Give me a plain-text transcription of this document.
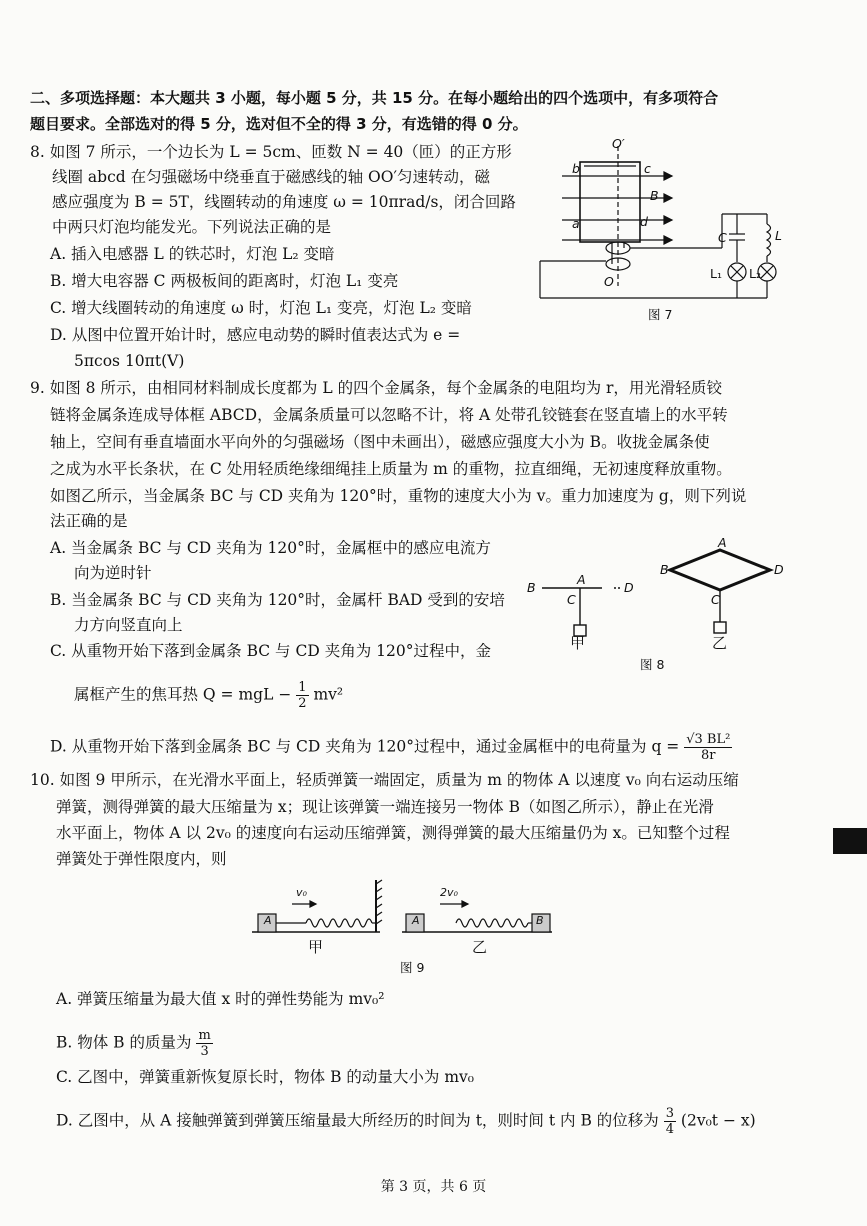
二、多项选择题：本大题共 3 小题，每小题 5 分，共 15 分。在每小题给出的四个选项中，有多项符合
题目要求。全部选对的得 5 分，选对但不全的得 3 分，有选错的得 0 分。
8. 如图 7 所示，一个边长为 L = 5cm、匝数 N = 40（匝）的正方形
线圈 abcd 在匀强磁场中绕垂直于磁感线的轴 OO′匀速转动，磁
感应强度为 B = 5T，线圈转动的角速度 ω = 10πrad/s，闭合回路
中两只灯泡均能发光。下列说法正确的是
A. 插入电感器 L 的铁芯时，灯泡 L₂ 变暗
B. 增大电容器 C 两极板间的距离时，灯泡 L₁ 变亮
C. 增大线圈转动的角速度 ω 时，灯泡 L₁ 变亮，灯泡 L₂ 变暗
D. 从图中位置开始计时，感应电动势的瞬时值表达式为 e =
5πcos 10πt(V)
O′
b	c
B
a	d
O
C	L
L₁ L₂
图 7
9. 如图 8 所示，由相同材料制成长度都为 L 的四个金属条，每个金属条的电阻均为 r，用光滑轻质铰
链将金属条连成导体框 ABCD，金属条质量可以忽略不计，将 A 处带孔铰链套在竖直墙上的水平转
轴上，空间有垂直墙面水平向外的匀强磁场（图中未画出），磁感应强度大小为 B。收拢金属条使
之成为水平长条状，在 C 处用轻质绝缘细绳挂上质量为 m 的重物，拉直细绳，无初速度释放重物。
如图乙所示，当金属条 BC 与 CD 夹角为 120°时，重物的速度大小为 v。重力加速度为 g，则下列说
法正确的是
A. 当金属条 BC 与 CD 夹角为 120°时，金属框中的感应电流方
向为逆时针
B. 当金属条 BC 与 CD 夹角为 120°时，金属杆 BAD 受到的安培
力方向竖直向上
C. 从重物开始下落到金属条 BC 与 CD 夹角为 120°过程中，金
属框产生的焦耳热 Q = mgL − $\frac{1}{2} mv^2$
D. 从重物开始下落到金属条 BC 与 CD 夹角为 120°过程中，通过金属框中的电荷量为 $q = \frac{\text{√3 BL²}}{8r}$
B
A
C
D
甲
A
B	D
C
乙
图 8
10. 如图 9 甲所示，在光滑水平面上，轻质弹簧一端固定，质量为 m 的物体 A 以速度 v₀ 向右运动压缩
弹簧，测得弹簧的最大压缩量为 x；现让该弹簧一端连接另一物体 B（如图乙所示），静止在光滑
水平面上，物体 A 以 2v₀ 的速度向右运动压缩弹簧，测得弹簧的最大压缩量仍为 x。已知整个过程
弹簧处于弹性限度内，则
A
v₀
甲
A	B
2v₀
乙
图 9
A. 弹簧压缩量为最大值 x 时的弹性势能为 mv₀²
B. 物体 B 的质量为 $\frac{m}{3}$
C. 乙图中，弹簧重新恢复原长时，物体 B 的动量大小为 mv₀
D. 乙图中，从 A 接触弹簧到弹簧压缩量最大所经历的时间为 t，则时间 t 内 B 的位移为 $\frac{3}{4} (2v_0t - x)$
第 3 页，共 6 页
